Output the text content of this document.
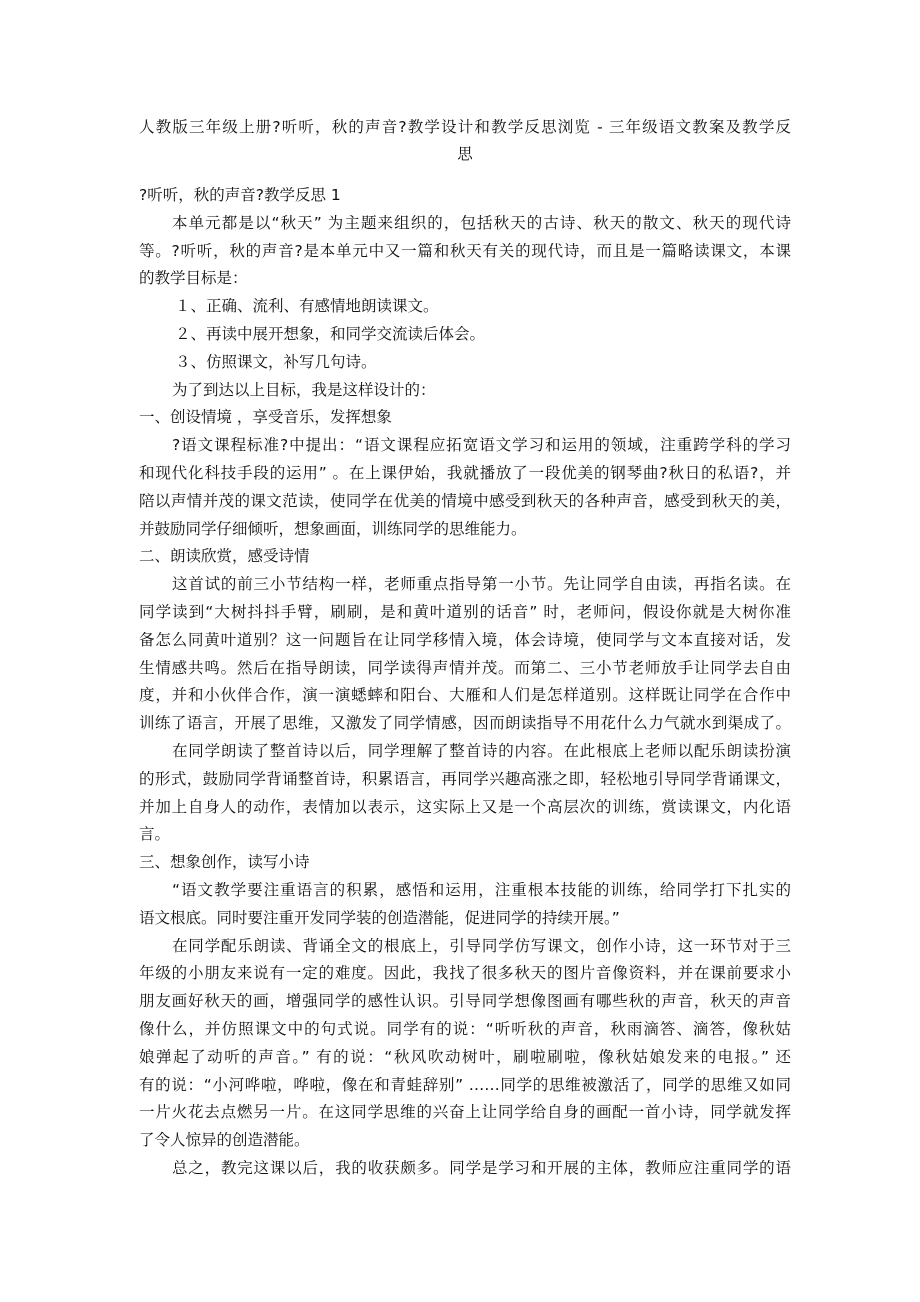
人教版三年级上册?听听，秋的声音?教学设计和教学反思浏览 - 三年级语文教案及教学反
思
?听听，秋的声音?教学反思 1
本单元都是以“秋天” 为主题来组织的，包括秋天的古诗、秋天的散文、秋天的现代诗
等。?听听，秋的声音?是本单元中又一篇和秋天有关的现代诗，而且是一篇略读课文，本课
的教学目标是：
１、正确、流利、有感情地朗读课文。
２、再读中展开想象，和同学交流读后体会。
３、仿照课文，补写几句诗。
为了到达以上目标，我是这样设计的：
一、创设情境 ，享受音乐，发挥想象
?语文课程标准?中提出：“语文课程应拓宽语文学习和运用的领域，注重跨学科的学习
和现代化科技手段的运用” 。在上课伊始，我就播放了一段优美的钢琴曲?秋日的私语?，并
陪以声情并茂的课文范读，使同学在优美的情境中感受到秋天的各种声音，感受到秋天的美，
并鼓励同学仔细倾听，想象画面，训练同学的思维能力。
二、朗读欣赏，感受诗情
这首试的前三小节结构一样，老师重点指导第一小节。先让同学自由读，再指名读。在
同学读到“大树抖抖手臂，刷刷，是和黄叶道别的话音” 时，老师问，假设你就是大树你准
备怎么同黄叶道别？这一问题旨在让同学移情入境，体会诗境，使同学与文本直接对话，发
生情感共鸣。然后在指导朗读，同学读得声情并茂。而第二、三小节老师放手让同学去自由
度，并和小伙伴合作，演一演蟋蟀和阳台、大雁和人们是怎样道别。这样既让同学在合作中
训练了语言，开展了思维，又激发了同学情感，因而朗读指导不用花什么力气就水到渠成了。
在同学朗读了整首诗以后，同学理解了整首诗的内容。在此根底上老师以配乐朗读扮演
的形式，鼓励同学背诵整首诗，积累语言，再同学兴趣高涨之即，轻松地引导同学背诵课文，
并加上自身人的动作，表情加以表示，这实际上又是一个高层次的训练，赏读课文，内化语
言。
三、想象创作，读写小诗
“语文教学要注重语言的积累，感悟和运用，注重根本技能的训练，给同学打下扎实的
语文根底。同时要注重开发同学装的创造潜能，促进同学的持续开展。”
在同学配乐朗读、背诵全文的根底上，引导同学仿写课文，创作小诗，这一环节对于三
年级的小朋友来说有一定的难度。因此，我找了很多秋天的图片音像资料，并在课前要求小
朋友画好秋天的画，增强同学的感性认识。引导同学想像图画有哪些秋的声音，秋天的声音
像什么，并仿照课文中的句式说。同学有的说：“听听秋的声音，秋雨滴答、滴答，像秋姑
娘弹起了动听的声音。” 有的说：“秋风吹动树叶，刷啦刷啦，像秋姑娘发来的电报。” 还
有的说：“小河哗啦，哗啦，像在和青蛙辞别” ……同学的思维被激活了，同学的思维又如同
一片火花去点燃另一片。在这同学思维的兴奋上让同学给自身的画配一首小诗，同学就发挥
了令人惊异的创造潜能。
总之，教完这课以后，我的收获颇多。同学是学习和开展的主体，教师应注重同学的语
